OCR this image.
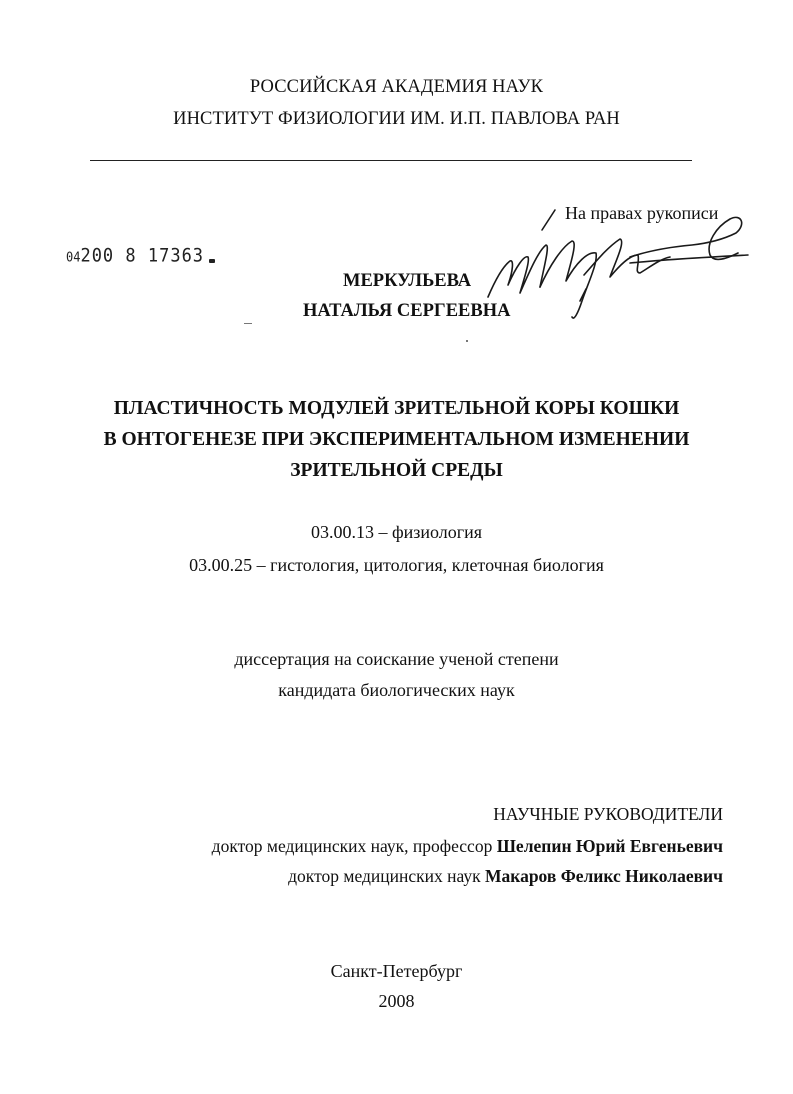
РОССИЙСКАЯ АКАДЕМИЯ НАУК
ИНСТИТУТ ФИЗИОЛОГИИ ИМ. И.П. ПАВЛОВА РАН
На правах рукописи
04200 8 17363
МЕРКУЛЬЕВА
НАТАЛЬЯ СЕРГЕЕВНА
ПЛАСТИЧНОСТЬ МОДУЛЕЙ ЗРИТЕЛЬНОЙ КОРЫ КОШКИ
В ОНТОГЕНЕЗЕ ПРИ ЭКСПЕРИМЕНТАЛЬНОМ ИЗМЕНЕНИИ
ЗРИТЕЛЬНОЙ СРЕДЫ
03.00.13 – физиология
03.00.25 – гистология, цитология, клеточная биология
диссертация на соискание ученой степени
кандидата биологических наук
НАУЧНЫЕ РУКОВОДИТЕЛИ
доктор медицинских наук, профессор Шелепин Юрий Евгеньевич
доктор медицинских наук Макаров Феликс Николаевич
Санкт-Петербург
2008
